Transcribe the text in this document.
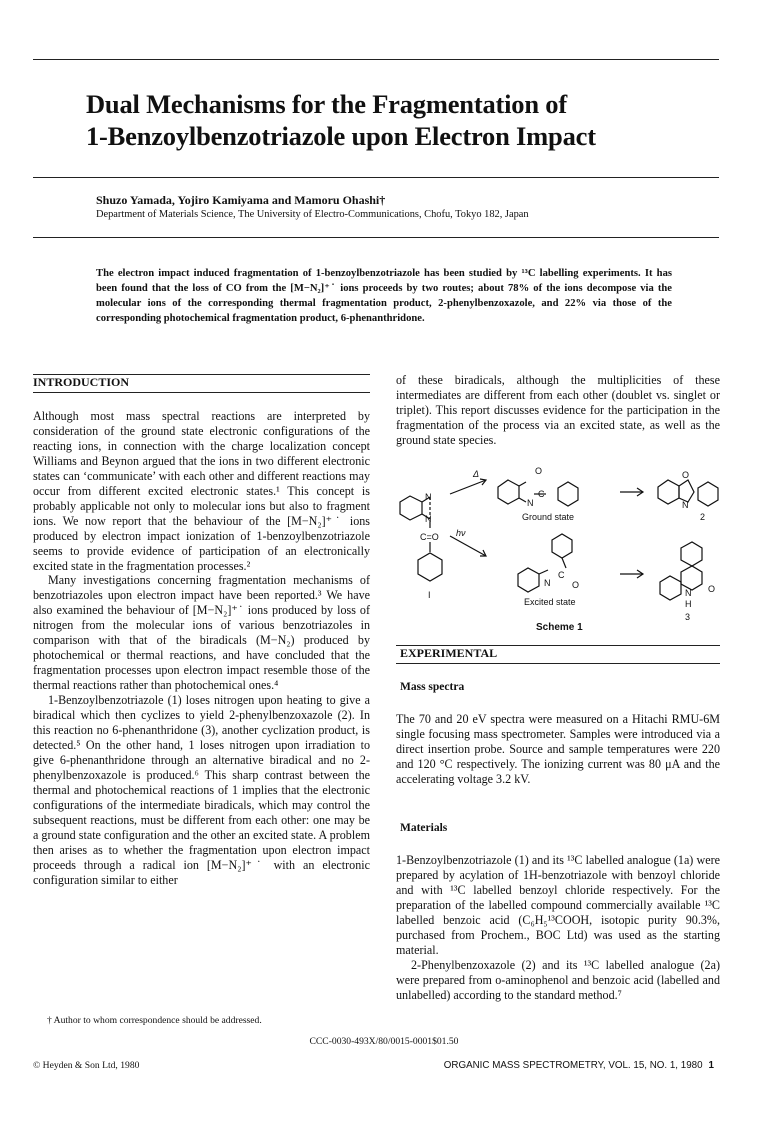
Dual Mechanisms for the Fragmentation of
1-Benzoylbenzotriazole upon Electron Impact
Shuzo Yamada, Yojiro Kamiyama and Mamoru Ohashi†
Department of Materials Science, The University of Electro-Communications, Chofu, Tokyo 182, Japan
The electron impact induced fragmentation of 1-benzoylbenzotriazole has been studied by ¹³C labelling experiments. It has been found that the loss of CO from the [M−N₂]⁺˙ ions proceeds by two routes; about 78% of the ions decompose via the molecular ions of the corresponding thermal fragmentation product, 2-phenylbenzoxazole, and 22% via those of the corresponding photochemical fragmentation product, 6-phenanthridone.
INTRODUCTION

Although most mass spectral reactions are interpreted by consideration of the ground state electronic configurations of the reacting ions, in connection with the charge localization concept Williams and Beynon argued that the ions in two different electronic states can ‘communicate’ with each other and different reactions may occur from different excited electronic states.¹ This concept is probably applicable not only to molecular ions but also to fragment ions. We now report that the behaviour of the [M−N₂]⁺˙ ions produced by electron impact ionization of 1-benzoylbenzotriazole seems to provide evidence of participation of an electronically excited state in the fragmentation processes.²

Many investigations concerning fragmentation mechanisms of benzotriazoles upon electron impact have been reported.³ We have also examined the behaviour of [M−N₂]⁺˙ ions produced by loss of nitrogen from the molecular ions of various benzotriazoles in comparison with that of the biradicals (M−N₂) produced by photochemical or thermal reactions, and have concluded that the fragmentation processes upon electron impact resemble those of the thermal reactions rather than photochemical ones.⁴

1-Benzoylbenzotriazole (1) loses nitrogen upon heating to give a biradical which then cyclizes to yield 2-phenylbenzoxazole (2). In this reaction no 6-phenanthridone (3), another cyclization product, is detected.⁵ On the other hand, 1 loses nitrogen upon irradiation to give 6-phenanthridone through an alternative biradical and no 2-phenylbenzoxazole is produced.⁶ This sharp contrast between the thermal and photochemical reactions of 1 implies that the electronic configurations of the intermediate biradicals, which may control the subsequent reactions, must be different from each other: one may be a ground state configuration and the other an excited state. A problem then arises as to whether the fragmentation upon electron impact proceeds through a radical ion [M−N₂]⁺˙ with an electronic configuration similar to either

of these biradicals, although the multiplicities of these intermediates are different from each other (doublet vs. singlet or triplet). This report discusses evidence for the participation in the fragmentation of the process via an excited state, as well as the ground state species.

N
N
C=O
I
Δ
hν
O
C
N
Ground state	2
O
N
N
C
O
Excited state
N O
H
3
Scheme 1
EXPERIMENTAL
Mass spectra

The 70 and 20 eV spectra were measured on a Hitachi RMU-6M single focusing mass spectrometer. Samples were introduced via a direct insertion probe. Source and sample temperatures were 220 and 120 °C respectively. The ionizing current was 80 μA and the accelerating voltage 3.2 kV.

Materials

1-Benzoylbenzotriazole (1) and its ¹³C labelled analogue (1a) were prepared by acylation of 1H-benzotriazole with benzoyl chloride and with ¹³C labelled benzoyl chloride respectively. For the preparation of the labelled compound commercially available ¹³C labelled benzoic acid (C₆H₅¹³COOH, isotopic purity 90.3%, purchased from Prochem., BOC Ltd) was used as the starting material.

2-Phenylbenzoxazole (2) and its ¹³C labelled analogue (2a) were prepared from o-aminophenol and benzoic acid (labelled and unlabelled) according to the standard method.⁷

† Author to whom correspondence should be addressed.
CCC-0030-493X/80/0015-0001$01.50
© Heyden & Son Ltd, 1980	ORGANIC MASS SPECTROMETRY, VOL. 15, NO. 1, 1980 1
